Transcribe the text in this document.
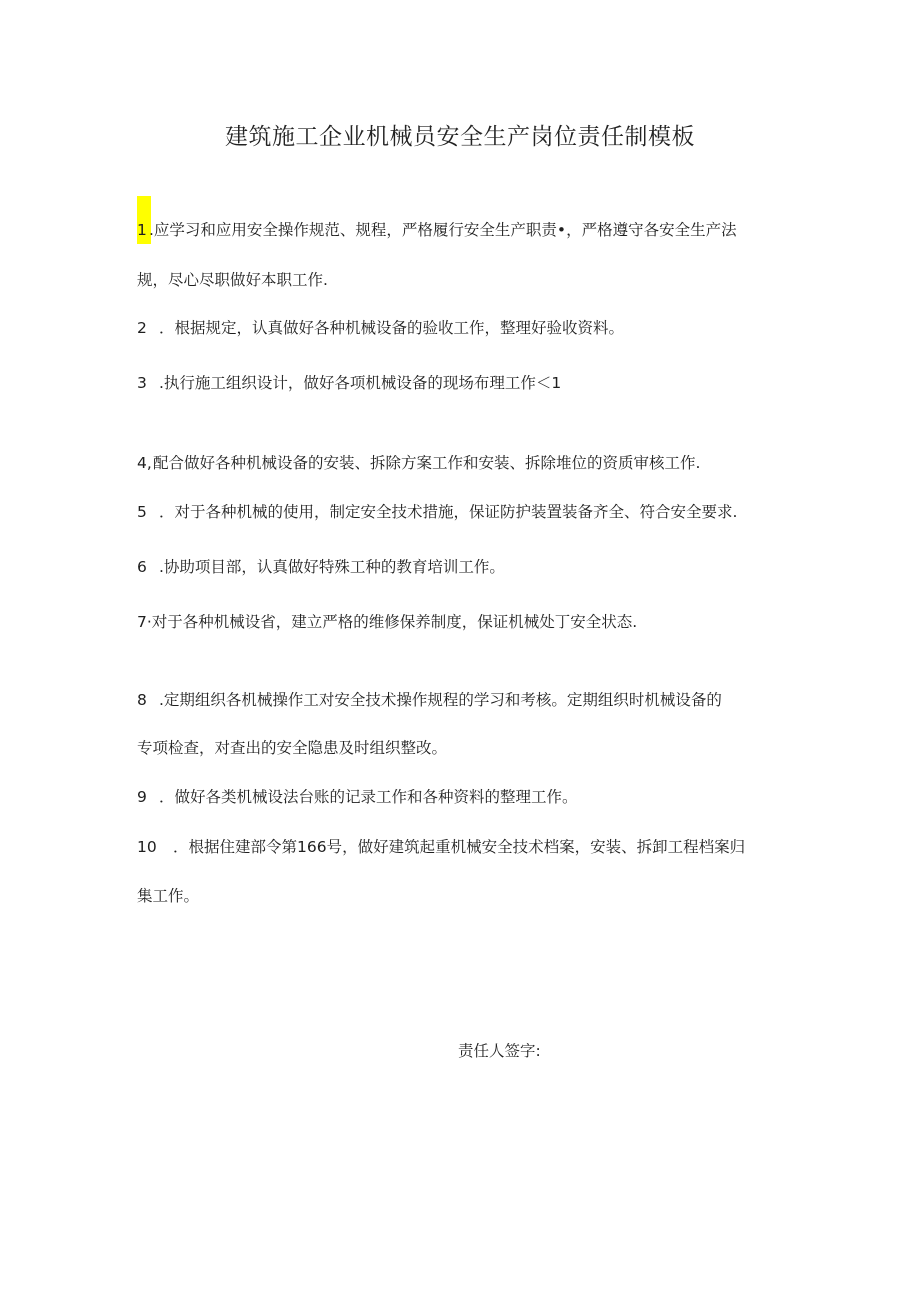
建筑施工企业机械员安全生产岗位责任制模板
1 .应学习和应用安全操作规范、规程，严格履行安全生产职责•，严格遵守各安全生产法
规，尽心尽职做好本职工作.
2 ．根据规定，认真做好各种机械设备的验收工作，整理好验收资料。
3 .执行施工组织设计，做好各项机械设备的现场布理工作＜1
4,配合做好各种机械设备的安装、拆除方案工作和安装、拆除堆位的资质审核工作.
5 ．对于各种机械的使用，制定安全技术措施，保证防护装置装备齐全、符合安全要求.
6 .协助项目部，认真做好特殊工种的教育培训工作。
7·对于各种机械设省，建立严格的维修保养制度，保证机械处丁安全状态.
8 .定期组织各机械操作工对安全技术操作规程的学习和考核。定期组织时机械设备的
专项检查，对查出的安全隐患及时组织整改。
9 ．做好各类机械设法台账的记录工作和各种资料的整理工作。
10 ．根据住建部令第166号，做好建筑起重机械安全技术档案，安装、拆卸工程档案归
集工作。
责任人签字:
